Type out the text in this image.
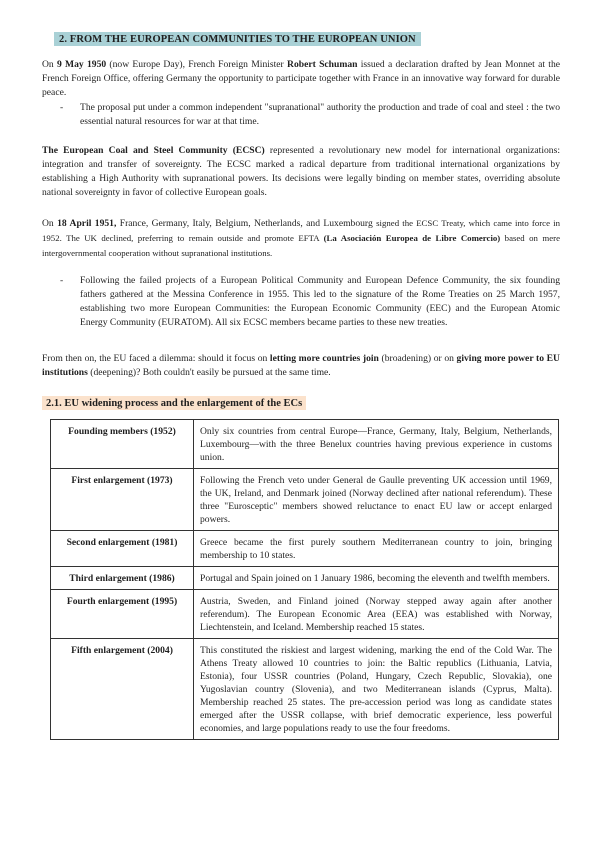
2. FROM THE EUROPEAN COMMUNITIES TO THE EUROPEAN UNION

On 9 May 1950 (now Europe Day), French Foreign Minister Robert Schuman issued a declaration drafted by Jean Monnet at the French Foreign Office, offering Germany the opportunity to participate together with France in an innovative way forward for durable peace.

- The proposal put under a common independent "supranational" authority the production and trade of coal and steel : the two essential natural resources for war at that time.

The European Coal and Steel Community (ECSC) represented a revolutionary new model for international organizations: integration and transfer of sovereignty. The ECSC marked a radical departure from traditional international organizations by establishing a High Authority with supranational powers. Its decisions were legally binding on member states, overriding absolute national sovereignty in favor of collective European goals.

On 18 April 1951, France, Germany, Italy, Belgium, Netherlands, and Luxembourg signed the ECSC Treaty, which came into force in 1952. The UK declined, preferring to remain outside and promote EFTA (La Asociación Europea de Libre Comercio) based on mere intergovernmental cooperation without supranational institutions.

- Following the failed projects of a European Political Community and European Defence Community, the six founding fathers gathered at the Messina Conference in 1955. This led to the signature of the Rome Treaties on 25 March 1957, establishing two more European Communities: the European Economic Community (EEC) and the European Atomic Energy Community (EURATOM). All six ECSC members became parties to these new treaties.

From then on, the EU faced a dilemma: should it focus on letting more countries join (broadening) or on giving more power to EU institutions (deepening)? Both couldn't easily be pursued at the same time.

2.1. EU widening process and the enlargement of the ECs
Founding members (1952)	Only six countries from central Europe—France, Germany, Italy, Belgium, Netherlands, Luxembourg—with the three Benelux countries having previous experience in customs union.
First enlargement (1973)	Following the French veto under General de Gaulle preventing UK accession until 1969, the UK, Ireland, and Denmark joined (Norway declined after national referendum). These three "Eurosceptic" members showed reluctance to enact EU law or accept enlarged powers.
Second enlargement (1981)	Greece became the first purely southern Mediterranean country to join, bringing membership to 10 states.
Third enlargement (1986)	Portugal and Spain joined on 1 January 1986, becoming the eleventh and twelfth members.
Fourth enlargement (1995)	Austria, Sweden, and Finland joined (Norway stepped away again after another referendum). The European Economic Area (EEA) was established with Norway, Liechtenstein, and Iceland. Membership reached 15 states.
Fifth enlargement (2004)	This constituted the riskiest and largest widening, marking the end of the Cold War. The Athens Treaty allowed 10 countries to join: the Baltic republics (Lithuania, Latvia, Estonia), four USSR countries (Poland, Hungary, Czech Republic, Slovakia), one Yugoslavian country (Slovenia), and two Mediterranean islands (Cyprus, Malta). Membership reached 25 states. The pre-accession period was long as candidate states emerged after the USSR collapse, with brief democratic experience, less powerful economies, and large populations ready to use the four freedoms.
